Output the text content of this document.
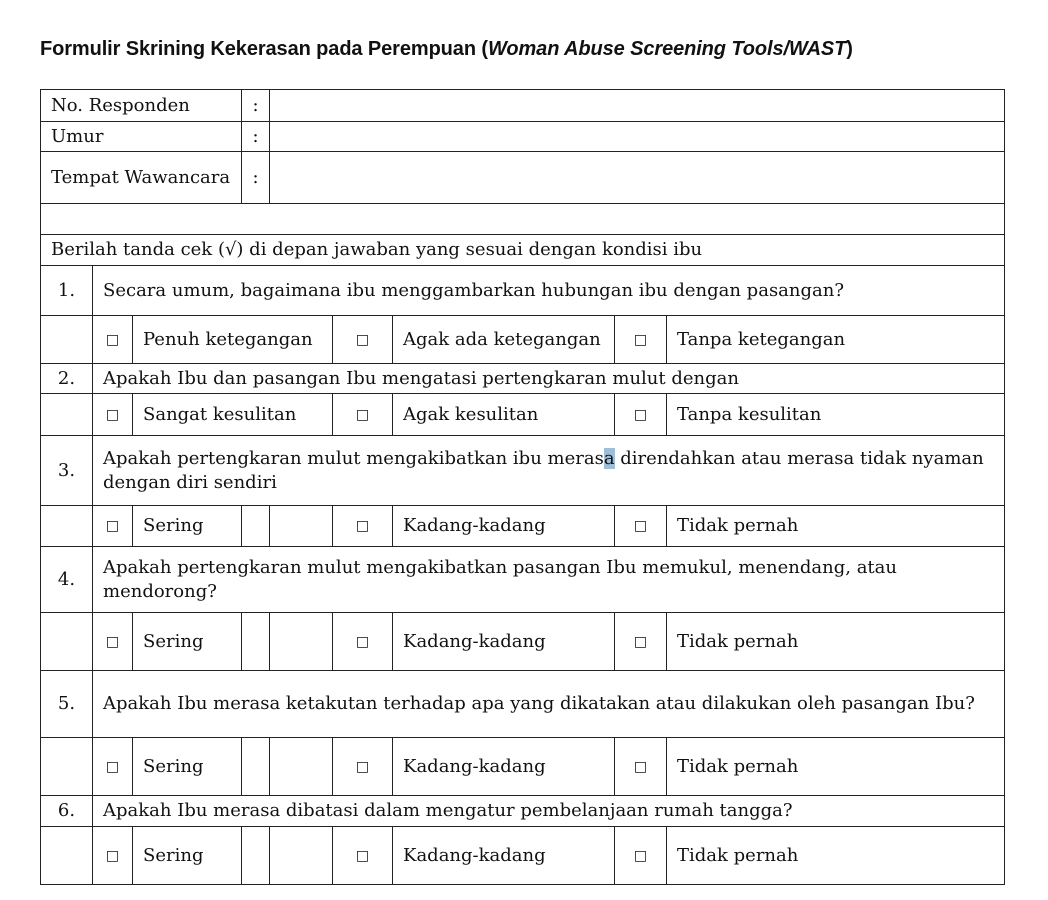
Formulir Skrining Kekerasan pada Perempuan (Woman Abuse Screening Tools/WAST)
No. Responden			:					
Umur			:					
Tempat Wawancara			:					

Berilah tanda cek (√) di depan jawaban yang sesuai dengan kondisi ibu								
1.	Secara umum, bagaimana ibu menggambarkan hubungan ibu dengan pasangan?							
	□	Penuh ketegangan			□	Agak ada ketegangan	□	Tanpa ketegangan
2.	Apakah Ibu dan pasangan Ibu mengatasi pertengkaran mulut dengan							
	□	Sangat kesulitan			□	Agak kesulitan	□	Tanpa kesulitan
3.	Apakah pertengkaran mulut mengakibatkan ibu merasa direndahkan atau merasa tidak nyaman dengan diri sendiri							
	□	Sering			□	Kadang-kadang	□	Tidak pernah
4.	Apakah pertengkaran mulut mengakibatkan pasangan Ibu memukul, menendang, atau mendorong?							
	□	Sering			□	Kadang-kadang	□	Tidak pernah
5.	Apakah Ibu merasa ketakutan terhadap apa yang dikatakan atau dilakukan oleh pasangan Ibu?							
	□	Sering			□	Kadang-kadang	□	Tidak pernah
6.	Apakah Ibu merasa dibatasi dalam mengatur pembelanjaan rumah tangga?							
	□	Sering			□	Kadang-kadang	□	Tidak pernah
